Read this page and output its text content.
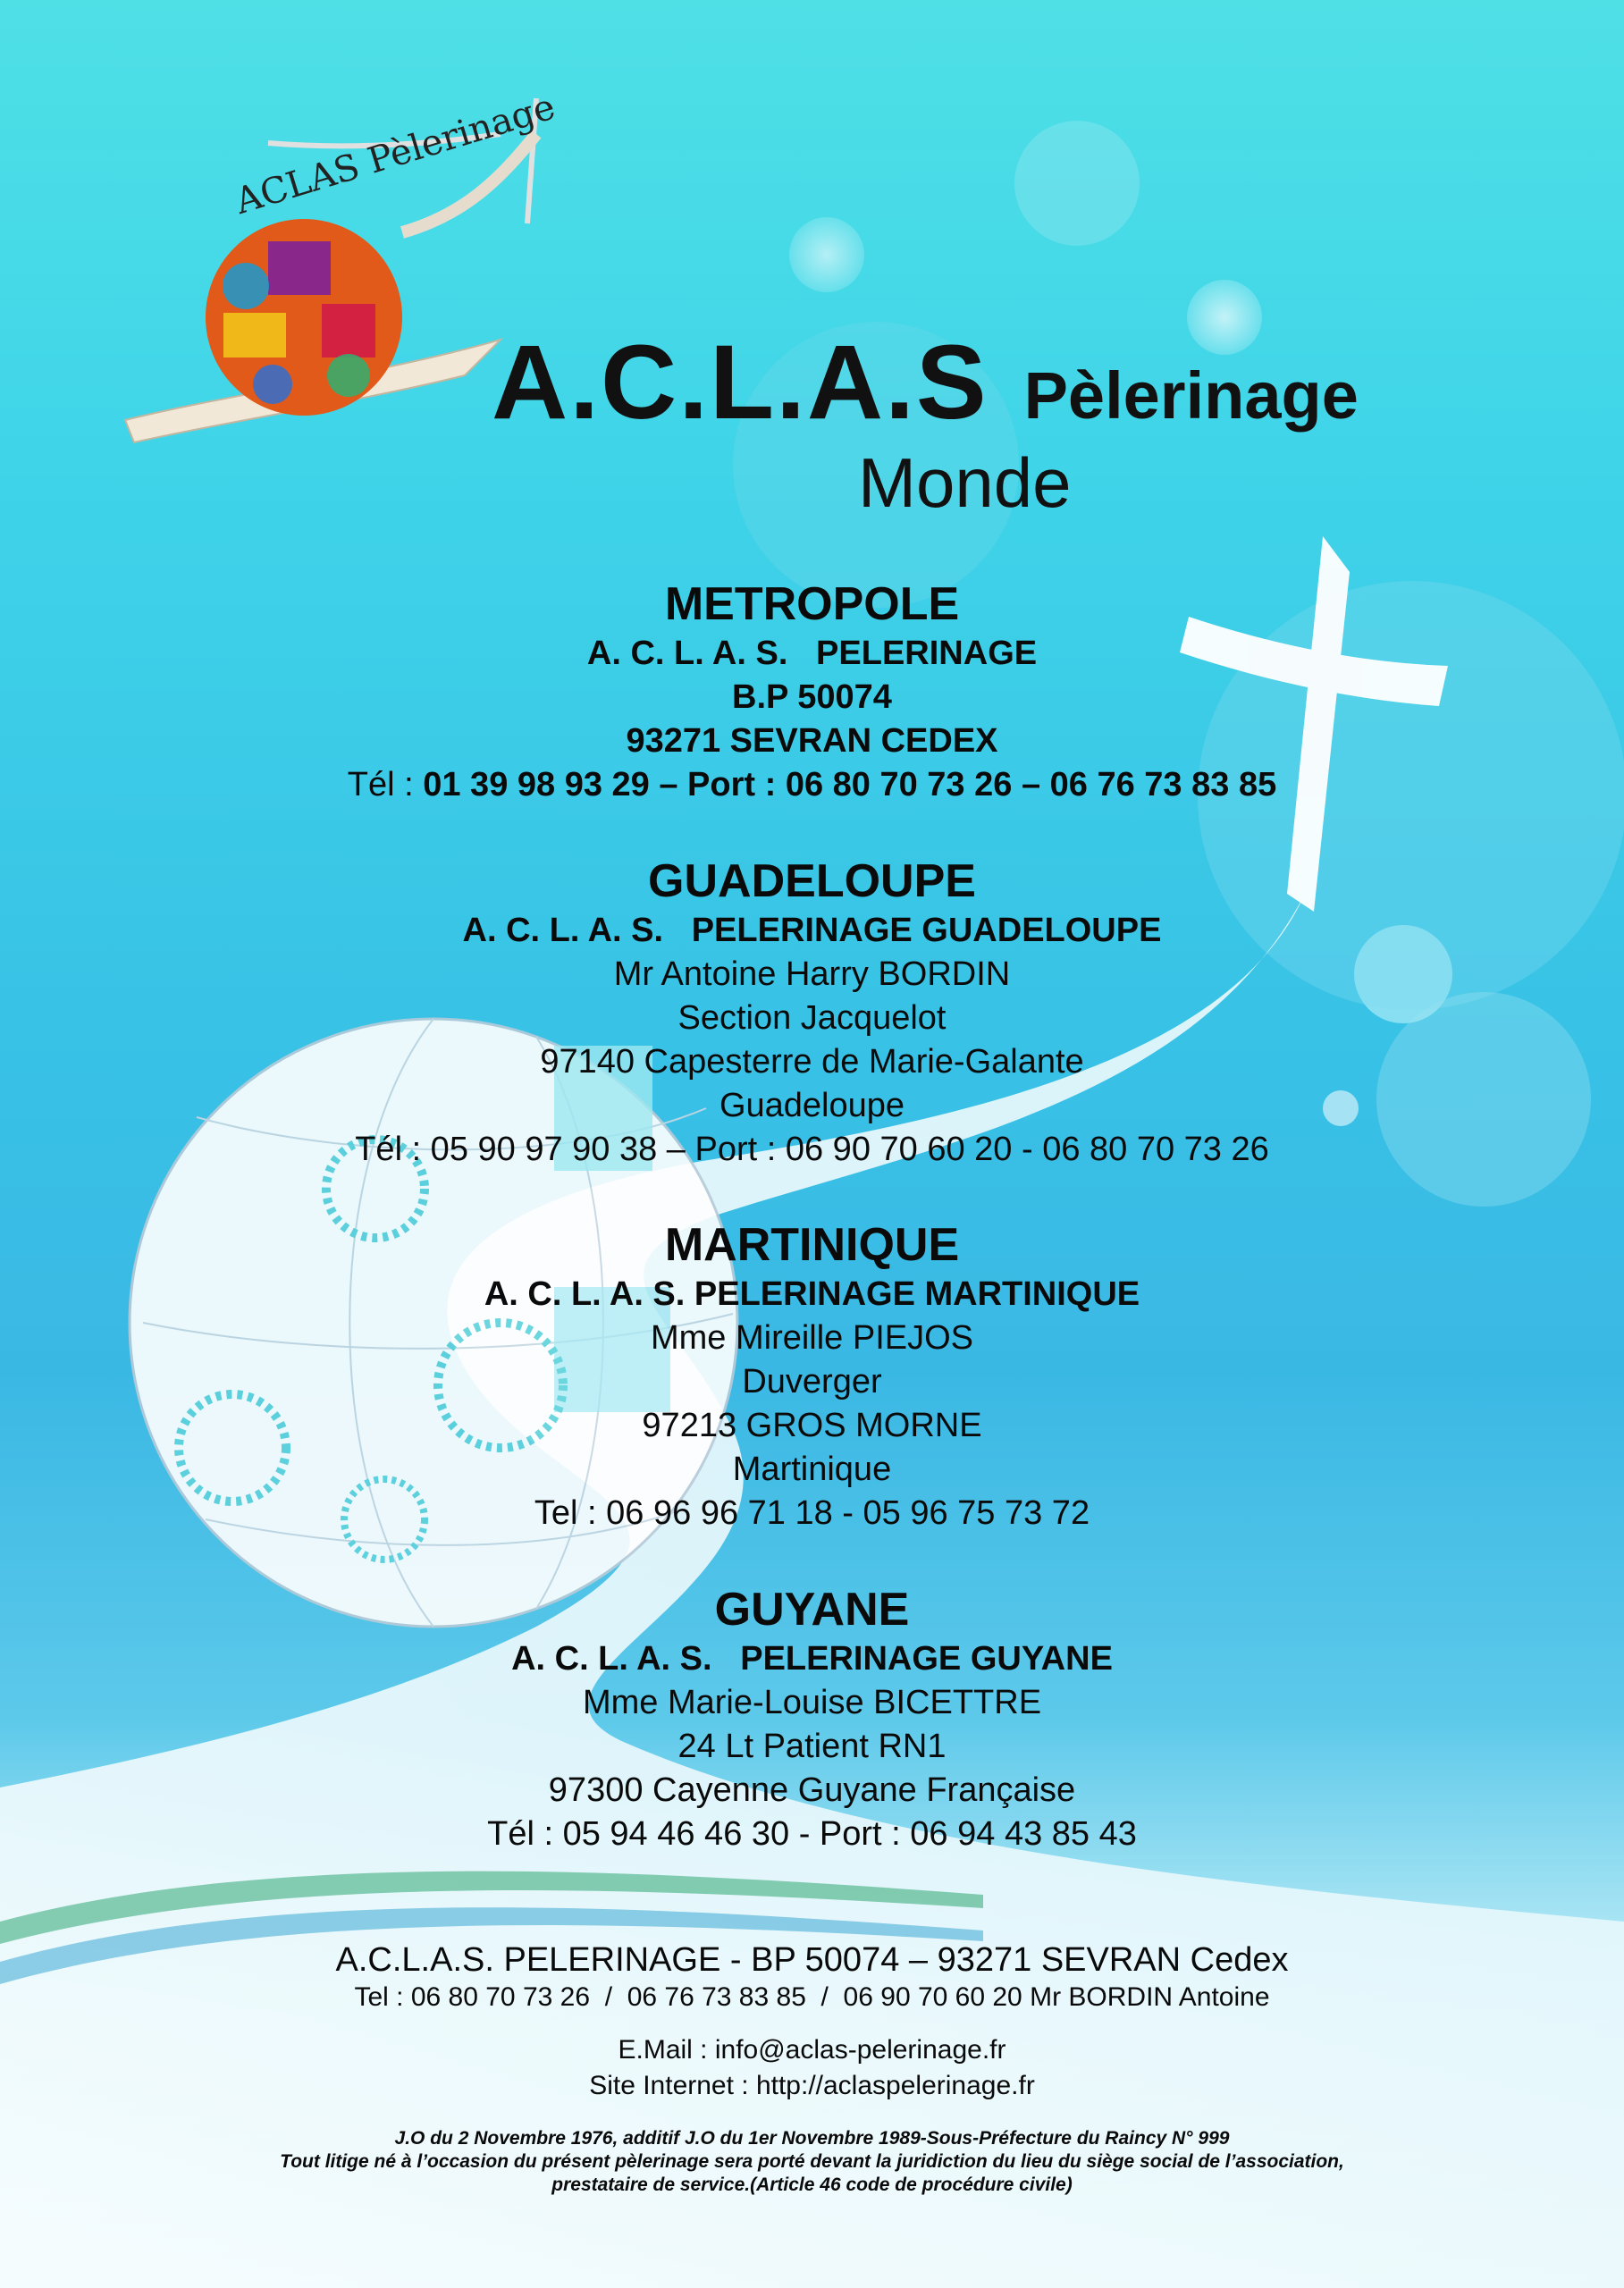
ACLAS Pèlerinage
A.C.L.A.S Pèlerinage
Monde
METROPOLE
A. C. L. A. S.   PELERINAGE
B.P 50074
93271 SEVRAN CEDEX
Tél : 01 39 98 93 29 – Port : 06 80 70 73 26 – 06 76 73 83 85
GUADELOUPE
A. C. L. A. S.   PELERINAGE GUADELOUPE
Mr Antoine Harry BORDIN
Section Jacquelot
97140 Capesterre de Marie-Galante
Guadeloupe
Tél : 05 90 97 90 38 – Port : 06 90 70 60 20 - 06 80 70 73 26
MARTINIQUE
A. C. L. A. S. PELERINAGE MARTINIQUE
Mme Mireille PIEJOS
Duverger
97213 GROS MORNE
Martinique
Tel : 06 96 96 71 18 - 05 96 75 73 72
GUYANE
A. C. L. A. S.   PELERINAGE GUYANE
Mme Marie-Louise BICETTRE
24 Lt Patient RN1
97300 Cayenne Guyane Française
Tél : 05 94 46 46 30 - Port : 06 94 43 85 43
A.C.L.A.S. PELERINAGE - BP 50074 – 93271 SEVRAN Cedex
Tel : 06 80 70 73 26  /  06 76 73 83 85  /  06 90 70 60 20 Mr BORDIN Antoine
E.Mail : info@aclas-pelerinage.fr
Site Internet : http://aclaspelerinage.fr
J.O du 2 Novembre 1976, additif J.O du 1er Novembre 1989-Sous-Préfecture du Raincy N° 999
Tout litige né à l’occasion du présent pèlerinage sera porté devant la juridiction du lieu du siège social de l’association,
prestataire de service.(Article 46 code de procédure civile)
